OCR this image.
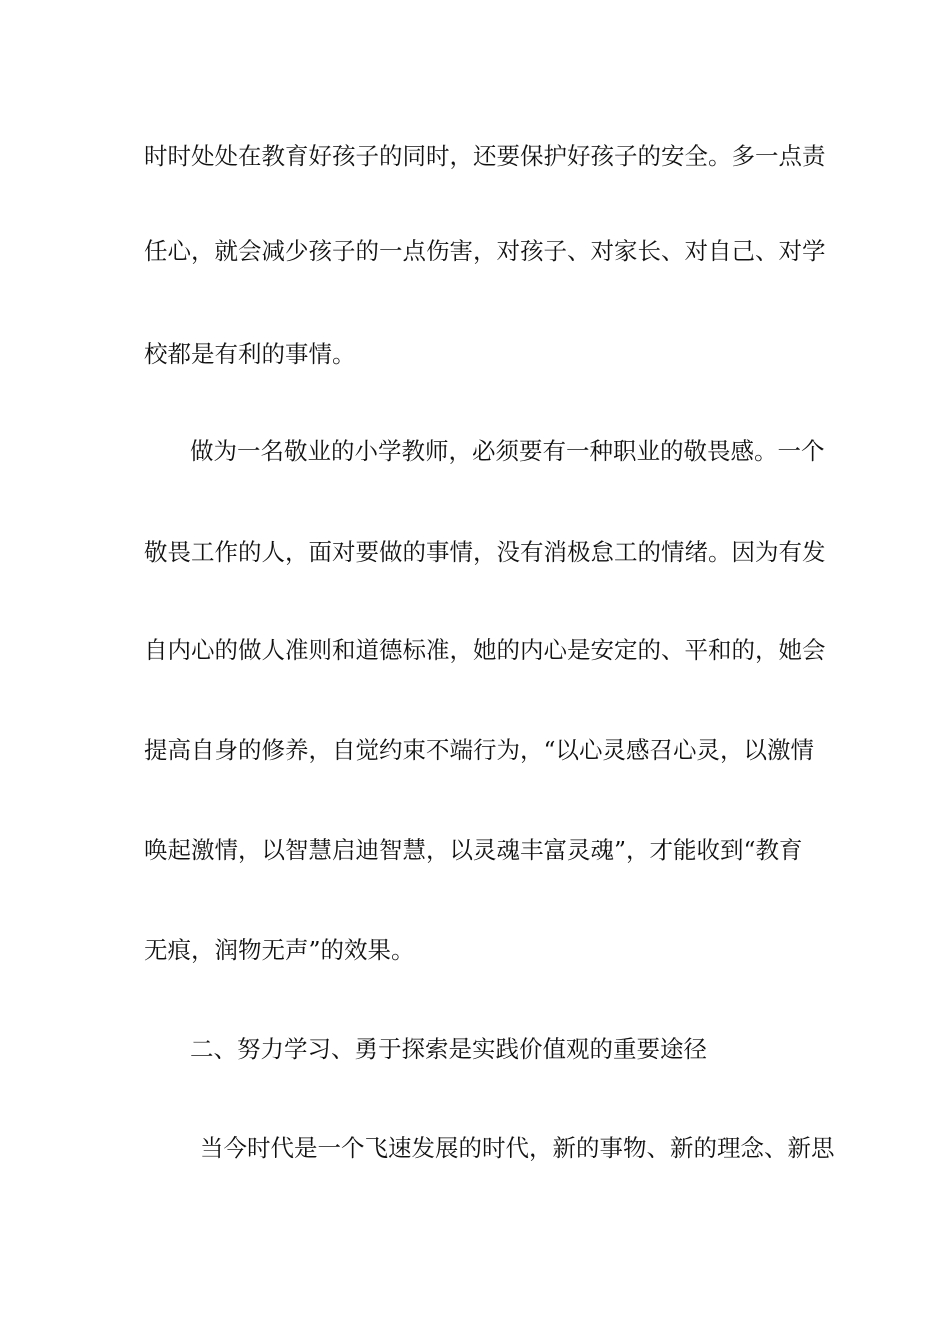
时时处处在教育好孩子的同时，还要保护好孩子的安全。多一点责
任心，就会减少孩子的一点伤害，对孩子、对家长、对自己、对学
校都是有利的事情。
做为一名敬业的小学教师，必须要有一种职业的敬畏感。一个
敬畏工作的人，面对要做的事情，没有消极怠工的情绪。因为有发
自内心的做人准则和道德标准，她的内心是安定的、平和的，她会
提高自身的修养，自觉约束不端行为，“以心灵感召心灵，以激情
唤起激情，以智慧启迪智慧，以灵魂丰富灵魂”，才能收到“教育
无痕，润物无声”的效果。
二、努力学习、勇于探索是实践价值观的重要途径
当今时代是一个飞速发展的时代，新的事物、新的理念、新思
